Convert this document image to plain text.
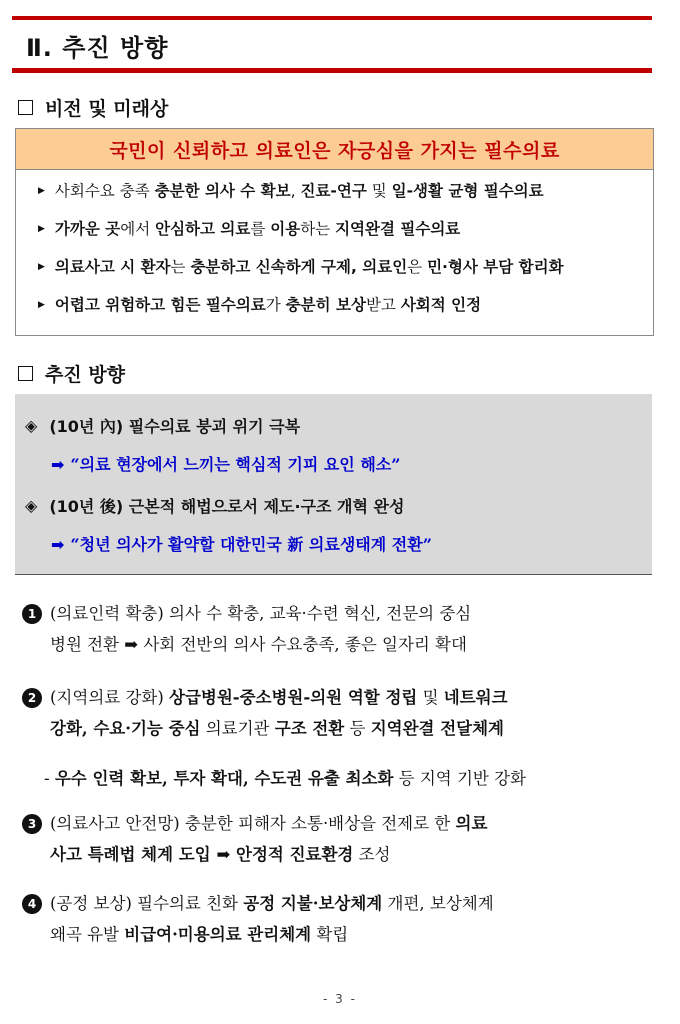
Ⅱ. 추진 방향
비전 및 미래상
국민이 신뢰하고 의료인은 자긍심을 가지는 필수의료
▶ 사회수요 충족 충분한 의사 수 확보, 진료-연구 및 일-생활 균형 필수의료
▶ 가까운 곳에서 안심하고 의료를 이용하는 지역완결 필수의료
▶ 의료사고 시 환자는 충분하고 신속하게 구제, 의료인은 민·형사 부담 합리화
▶ 어렵고 위험하고 힘든 필수의료가 충분히 보상받고 사회적 인정
추진 방향
◈ (10년 內) 필수의료 붕괴 위기 극복
➡ “의료 현장에서 느끼는 핵심적 기피 요인 해소”
◈ (10년 後) 근본적 해법으로서 제도·구조 개혁 완성
➡ “청년 의사가 활약할 대한민국 新 의료생태계 전환”
1 (의료인력 확충) 의사 수 확충, 교육·수련 혁신, 전문의 중심
병원 전환 ➡ 사회 전반의 의사 수요충족, 좋은 일자리 확대
2 (지역의료 강화) 상급병원-중소병원-의원 역할 정립 및 네트워크
강화, 수요·기능 중심 의료기관 구조 전환 등 지역완결 전달체계
- 우수 인력 확보, 투자 확대, 수도권 유출 최소화 등 지역 기반 강화
3 (의료사고 안전망) 충분한 피해자 소통·배상을 전제로 한 의료
사고 특례법 체계 도입 ➡ 안정적 진료환경 조성
4 (공정 보상) 필수의료 친화 공정 지불·보상체계 개편, 보상체계
왜곡 유발 비급여·미용의료 관리체계 확립
- 3 -
